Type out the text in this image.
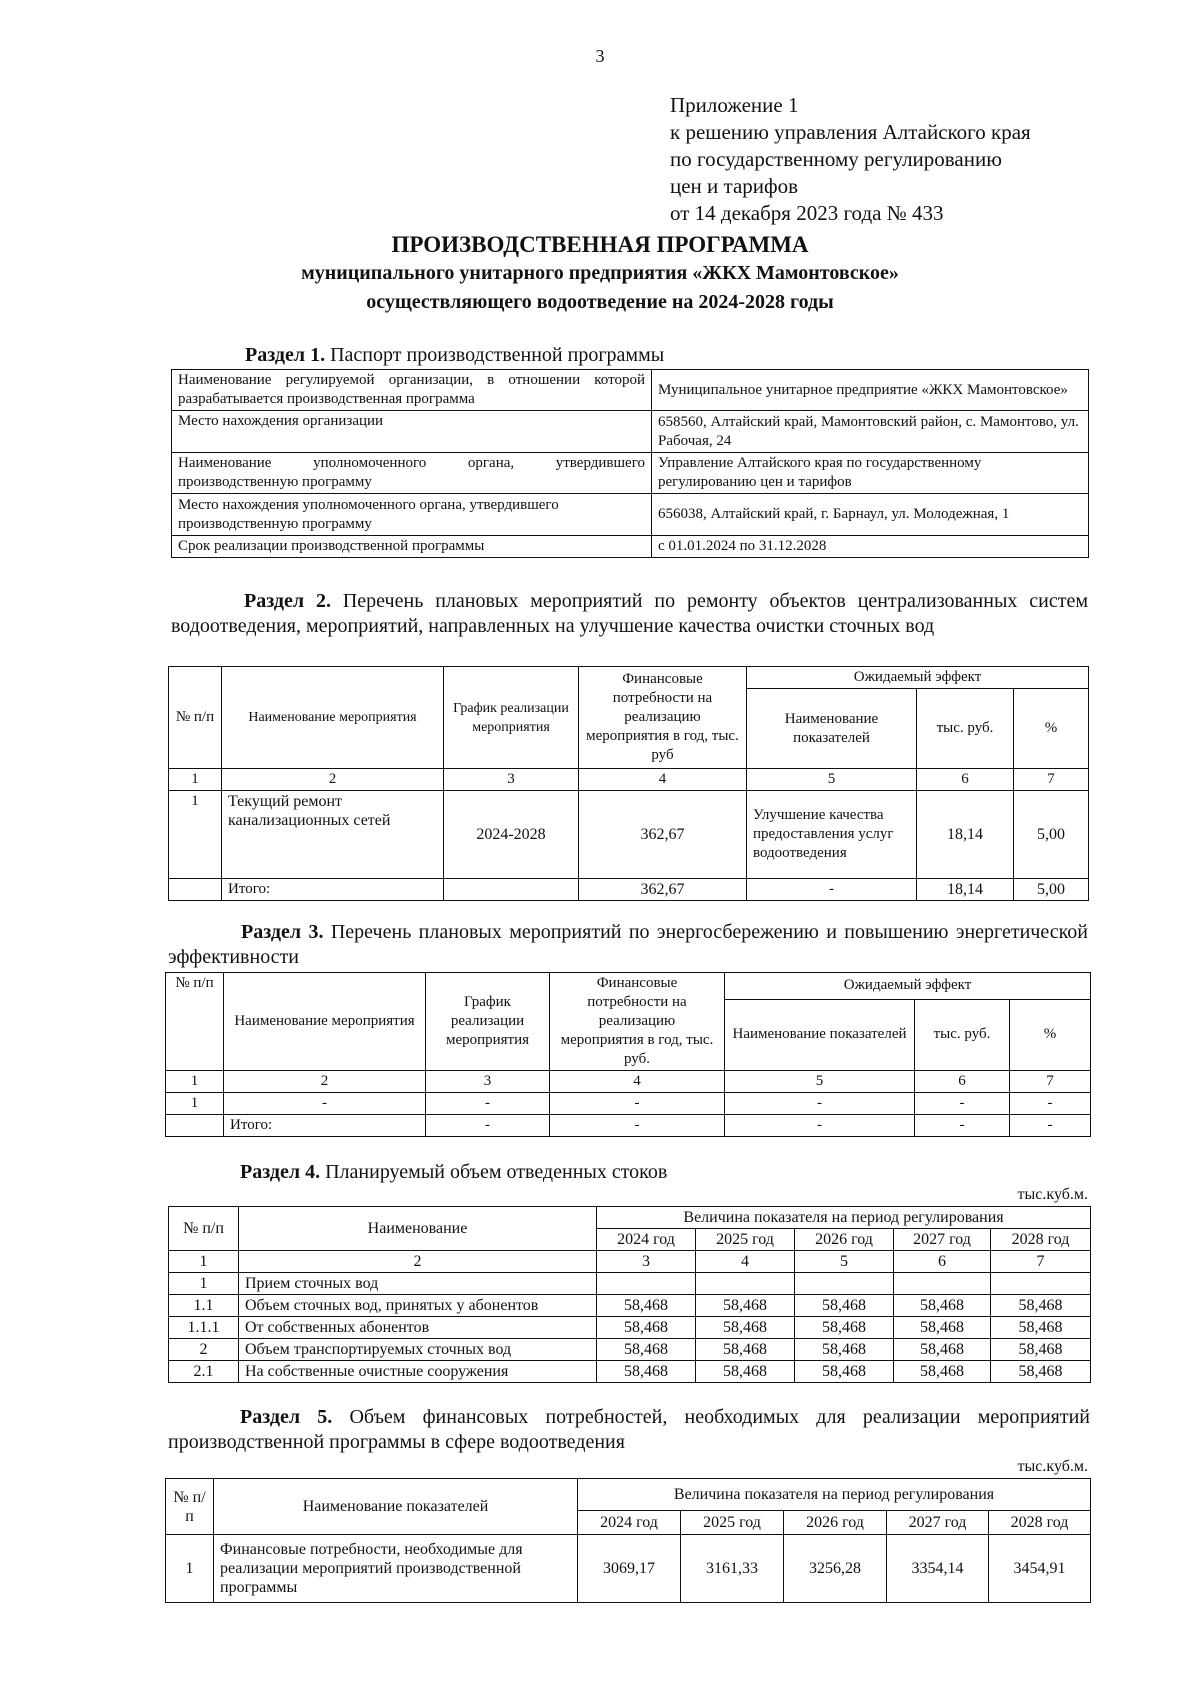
3
Приложение 1
к решению управления Алтайского края
по государственному регулированию
цен и тарифов
от 14 декабря 2023 года № 433
ПРОИЗВОДСТВЕННАЯ ПРОГРАММА
муниципального унитарного предприятия «ЖКХ Мамонтовское»
осуществляющего водоотведение на 2024-2028 годы
Раздел 1. Паспорт производственной программы
Наименование регулируемой организации, в отношении которой разрабатывается производственная программа	Муниципальное унитарное предприятие «ЖКХ Мамонтовское»
Место нахождения организации	658560, Алтайский край, Мамонтовский район, с. Мамонтово, ул. Рабочая, 24
Наименование уполномоченного органа, утвердившего производственную программу	Управление Алтайского края по государственному регулированию цен и тарифов
Место нахождения уполномоченного органа, утвердившего производственную программу	656038, Алтайский край, г. Барнаул, ул. Молодежная, 1
Срок реализации производственной программы	с 01.01.2024 по 31.12.2028
Раздел 2. Перечень плановых мероприятий по ремонту объектов централизованных систем водоотведения, мероприятий, направленных на улучшение качества очистки сточных вод
№ п/п	Наименование мероприятия	График реализации мероприятия	Финансовые потребности на реализацию мероприятия в год, тыс. руб	Ожидаемый эффект		
				Наименование показателей	тыс. руб.	%
1	2	3	4	5	6	7
1	Текущий ремонт канализационных сетей	2024-2028	362,67	Улучшение качества предоставления услуг водоотведения	18,14	5,00
	Итого:		362,67	-	18,14	5,00
Раздел 3. Перечень плановых мероприятий по энергосбережению и повышению энергетической эффективности
№ п/п	Наименование мероприятия	График реализации мероприятия	Финансовые потребности на реализацию мероприятия в год, тыс. руб.	Ожидаемый эффект		
				Наименование показателей	тыс. руб.	%
1	2	3	4	5	6	7
1	-	-	-	-	-	-
	Итого:	-	-	-	-	-
Раздел 4. Планируемый объем отведенных стоков
тыс.куб.м.
№ п/п	Наименование	Величина показателя на период регулирования				
		2024 год	2025 год	2026 год	2027 год	2028 год
1	2	3	4	5	6	7
1	Прием сточных вод					
1.1	Объем сточных вод, принятых у абонентов	58,468	58,468	58,468	58,468	58,468
1.1.1	От собственных абонентов	58,468	58,468	58,468	58,468	58,468
2	Объем транспортируемых сточных вод	58,468	58,468	58,468	58,468	58,468
2.1	На собственные очистные сооружения	58,468	58,468	58,468	58,468	58,468
Раздел 5. Объем финансовых потребностей, необходимых для реализации мероприятий производственной программы в сфере водоотведения
тыс.куб.м.
№ п/п	Наименование показателей	Величина показателя на период регулирования				
		2024 год	2025 год	2026 год	2027 год	2028 год
1	Финансовые потребности, необходимые для реализации мероприятий производственной программы	3069,17	3161,33	3256,28	3354,14	3454,91
